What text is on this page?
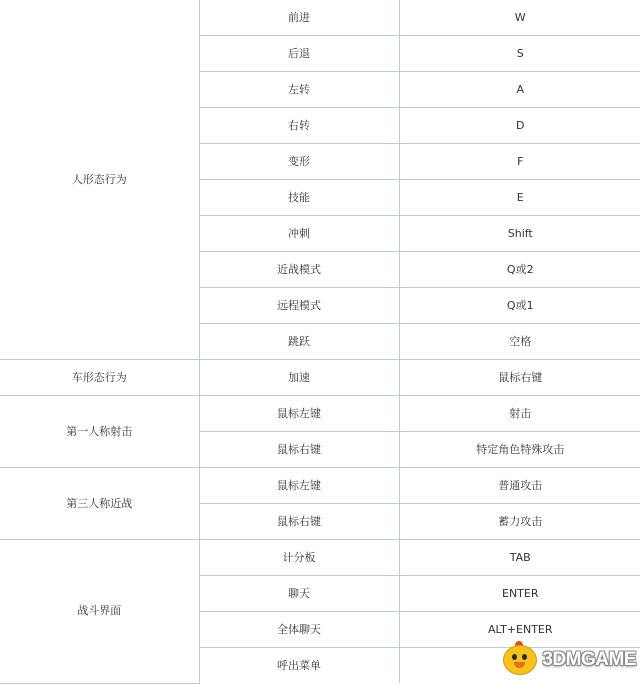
人形态行为	前进	W
	后退	S
	左转	A
	右转	D
	变形	F
	技能	E
	冲刺	Shift
	近战模式	Q或2
	远程模式	Q或1
	跳跃	空格
车形态行为	加速	鼠标右键
第一人称射击	鼠标左键	射击
	鼠标右键	特定角色特殊攻击
第三人称近战	鼠标左键	普通攻击
	鼠标右键	蓄力攻击
战斗界面	计分板	TAB
	聊天	ENTER
	全体聊天	ALT+ENTER
	呼出菜单		3DMGAME
